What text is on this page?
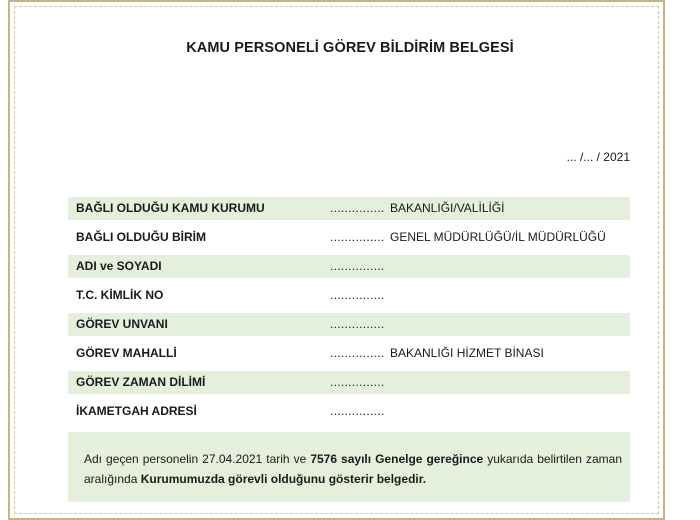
KAMU PERSONELİ GÖREV BİLDİRİM BELGESİ
... /... / 2021
BAĞLI OLDUĞU KAMU KURUMU	............... BAKANLIĞI/VALİLİĞİ
BAĞLI OLDUĞU BİRİM	............... GENEL MÜDÜRLÜĞÜ/İL MÜDÜRLÜĞÜ
ADI ve SOYADI	...............
T.C. KİMLİK NO	...............
GÖREV UNVANI	...............
GÖREV MAHALLİ	............... BAKANLIĞI HİZMET BİNASI
GÖREV ZAMAN DİLİMİ	...............
İKAMETGAH ADRESİ	...............
Adı geçen personelin 27.04.2021 tarih ve 7576 sayılı Genelge gereğince yukarıda belirtilen zaman aralığında Kurumumuzda görevli olduğunu gösterir belgedir.
